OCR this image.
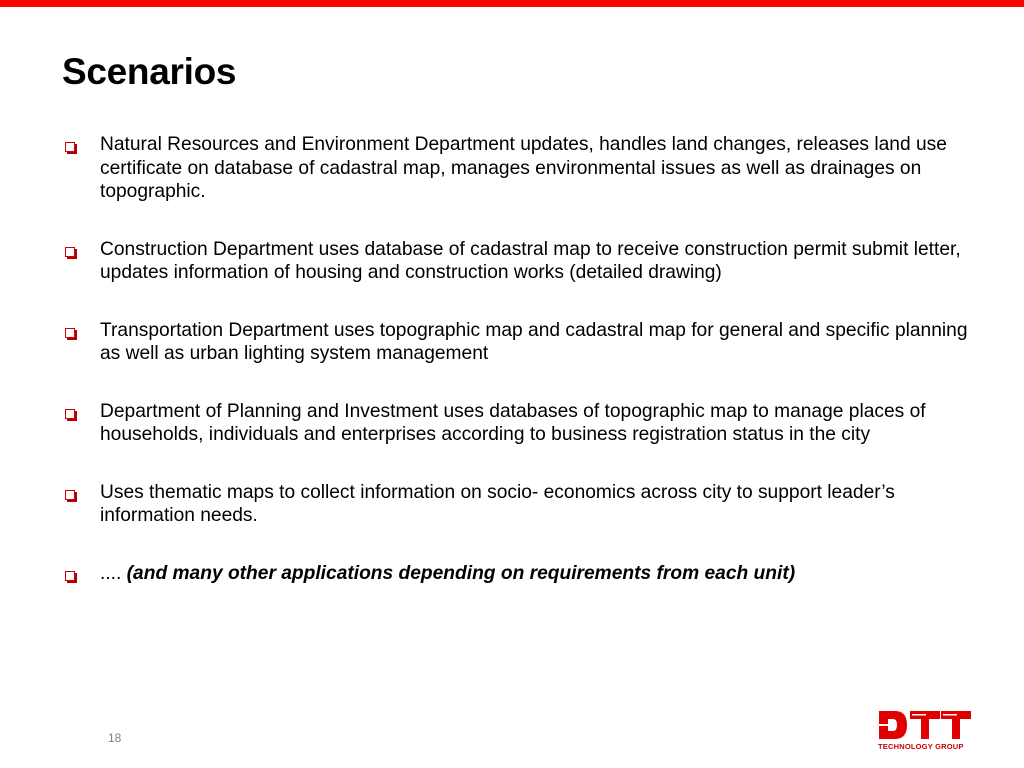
Scenarios
Natural Resources and Environment Department updates, handles land changes, releases land use certificate on database of cadastral map, manages environmental issues as well as drainages on topographic.
Construction Department uses database of cadastral map to receive construction permit submit letter, updates information of housing and construction works (detailed drawing)
Transportation Department uses topographic map and cadastral map for general and specific planning as well as urban lighting system management
Department of Planning and Investment uses databases of topographic map to manage places of households, individuals and enterprises according to business registration status in the city
Uses thematic maps to collect information on socio- economics across city to support leader’s information needs.
.... (and many other applications depending on requirements from each unit)
18
TECHNOLOGY GROUP
